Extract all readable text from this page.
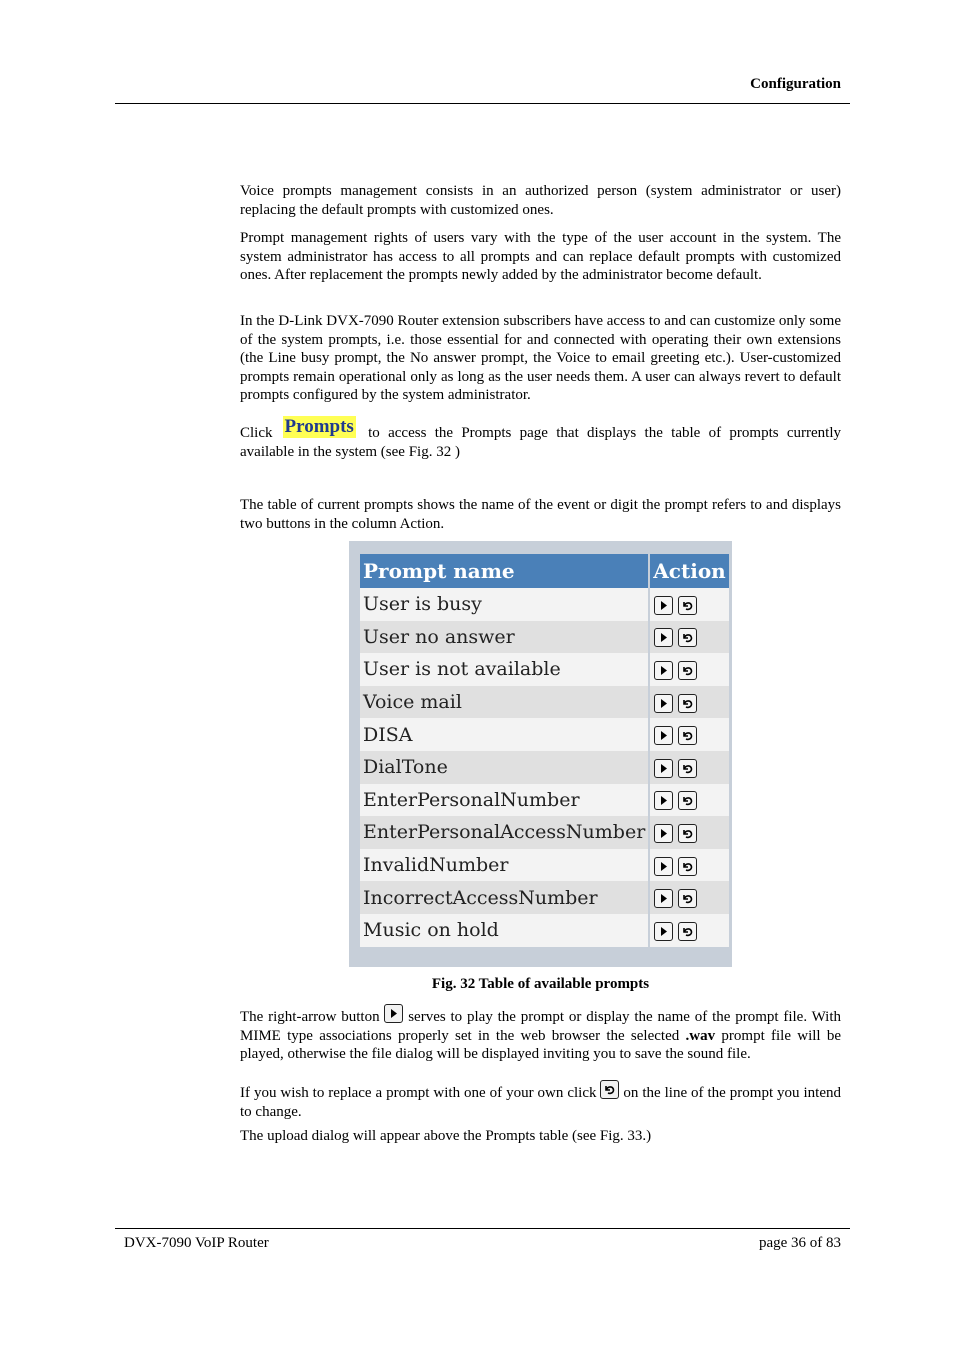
Configuration

Voice prompts management consists in an authorized person (system administrator or user) replacing the default prompts with customized ones.

Prompt management rights of users vary with the type of the user account in the system. The system administrator has access to all prompts and can replace default prompts with customized ones. After replacement the prompts newly added by the administrator become default.

In the D-Link DVX-7090 Router extension subscribers have access to and can customize only some of the system prompts, i.e. those essential for and connected with operating their own extensions (the Line busy prompt, the No answer prompt, the Voice to email greeting etc.). User-customized prompts remain operational only as long as the user needs them. A user can always revert to default prompts configured by the system administrator.

Click Prompts to access the Prompts page that displays the table of prompts currently available in the system (see Fig. 32 )

The table of current prompts shows the name of the event or digit the prompt refers to and displays two buttons in the column Action.

Prompt name	Action
User is busy	

User no answer	

User is not available	

Voice mail	

DISA	

DialTone	

EnterPersonalNumber	

EnterPersonalAccessNumber	

InvalidNumber	

IncorrectAccessNumber	

Music on hold	
Fig. 32 Table of available prompts

The right-arrow button serves to play the prompt or display the name of the prompt file. With MIME type associations properly set in the web browser the selected .wav prompt file will be played, otherwise the file dialog will be displayed inviting you to save the sound file.

If you wish to replace a prompt with one of your own click on the line of the prompt you intend to change.

The upload dialog will appear above the Prompts table (see Fig. 33.)

DVX-7090 VoIP Router	page 36 of 83
